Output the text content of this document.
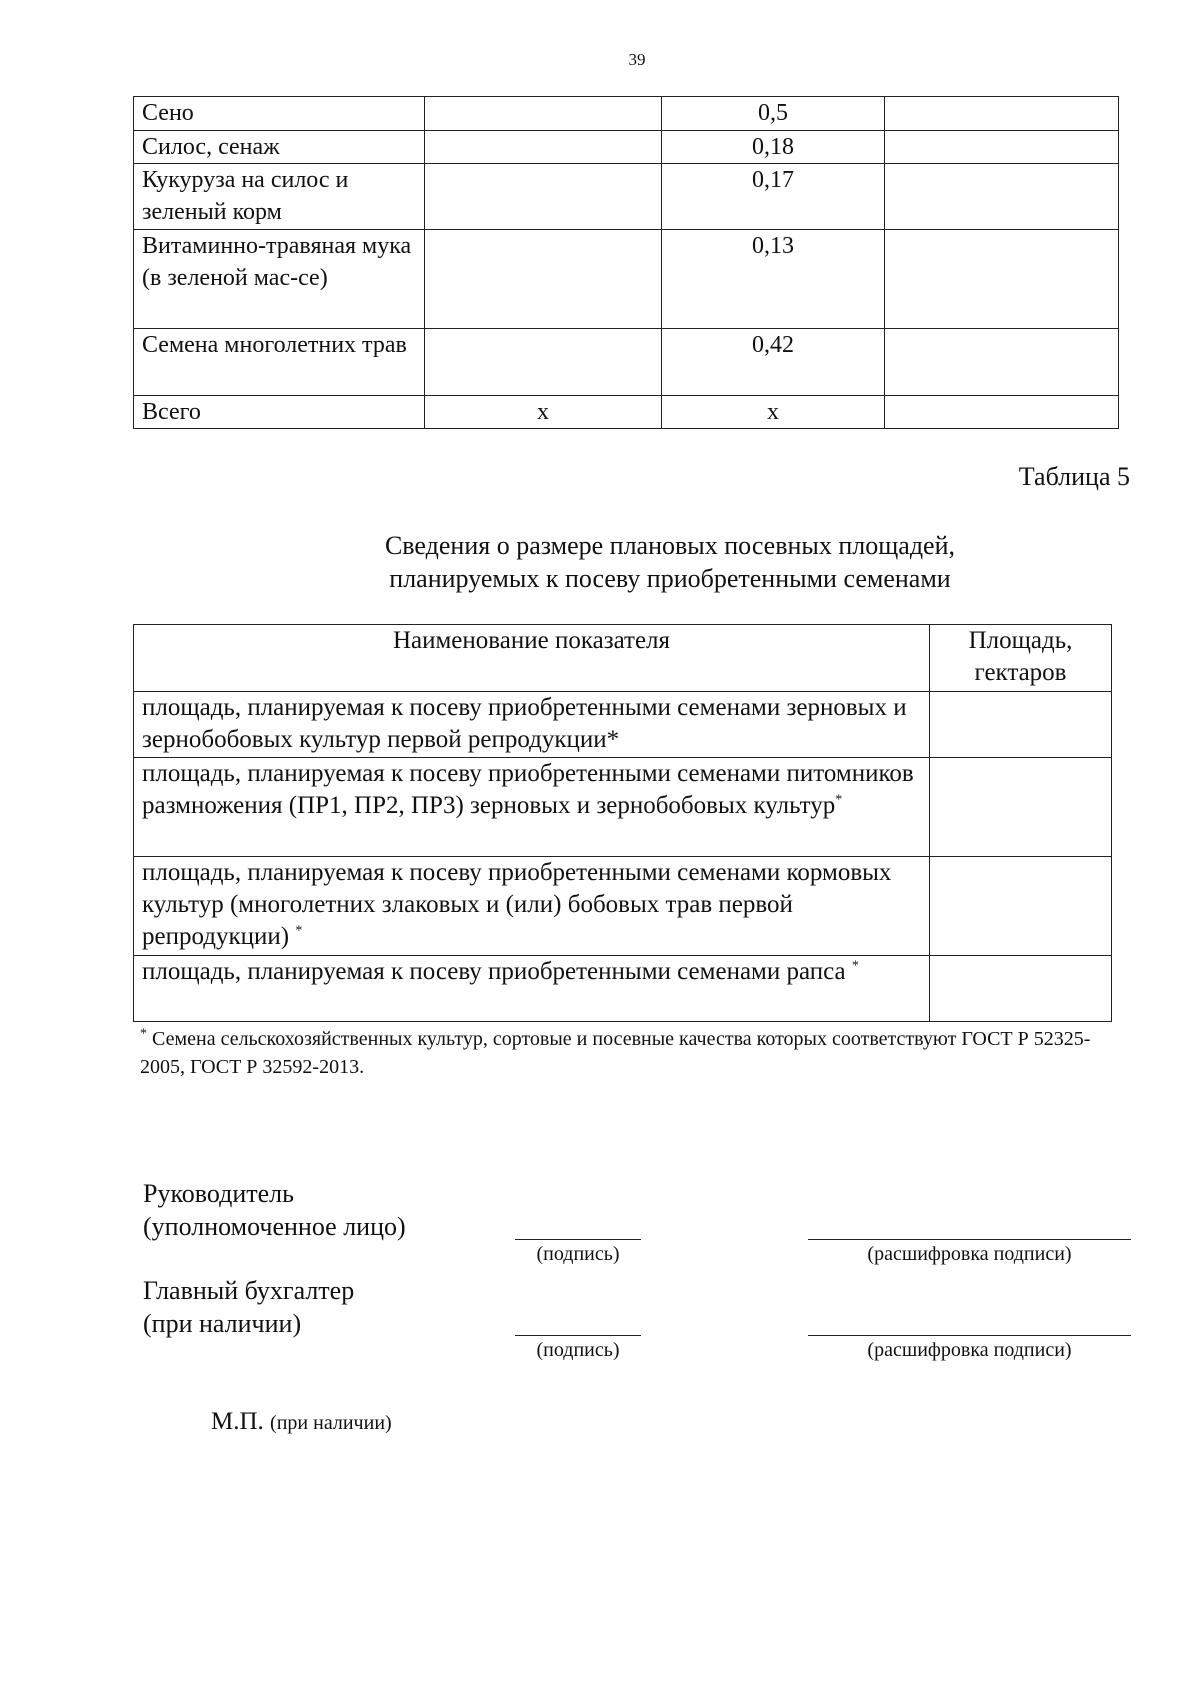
39
Сено		0,5	
Силос, сенаж		0,18	
Кукуруза на силос и зеленый корм		0,17	
Витаминно-травяная мука (в зеленой мас-се)		0,13	
Семена многолетних трав		0,42	
Всего	х	х	
Таблица 5
Сведения о размере плановых посевных площадей,
планируемых к посеву приобретенными семенами
Наименование показателя	Площадь, гектаров
площадь, планируемая к посеву приобретенными семенами зерновых и зернобобовых культур первой репродукции*	
площадь, планируемая к посеву приобретенными семенами питомников размножения (ПР1, ПР2, ПР3) зерновых и зернобобовых культур*	
площадь, планируемая к посеву приобретенными семенами кормовых культур (многолетних злаковых и (или) бобовых трав первой репродукции) *	
площадь, планируемая к посеву приобретенными семенами рапса *	
* Семена сельскохозяйственных культур, сортовые и посевные качества которых соответствуют ГОСТ Р 52325-2005, ГОСТ Р 32592-2013.
Руководитель
(уполномоченное лицо)
(подпись)	(расшифровка подписи)
Главный бухгалтер
(при наличии)
(подпись)	(расшифровка подписи)
М.П. (при наличии)
